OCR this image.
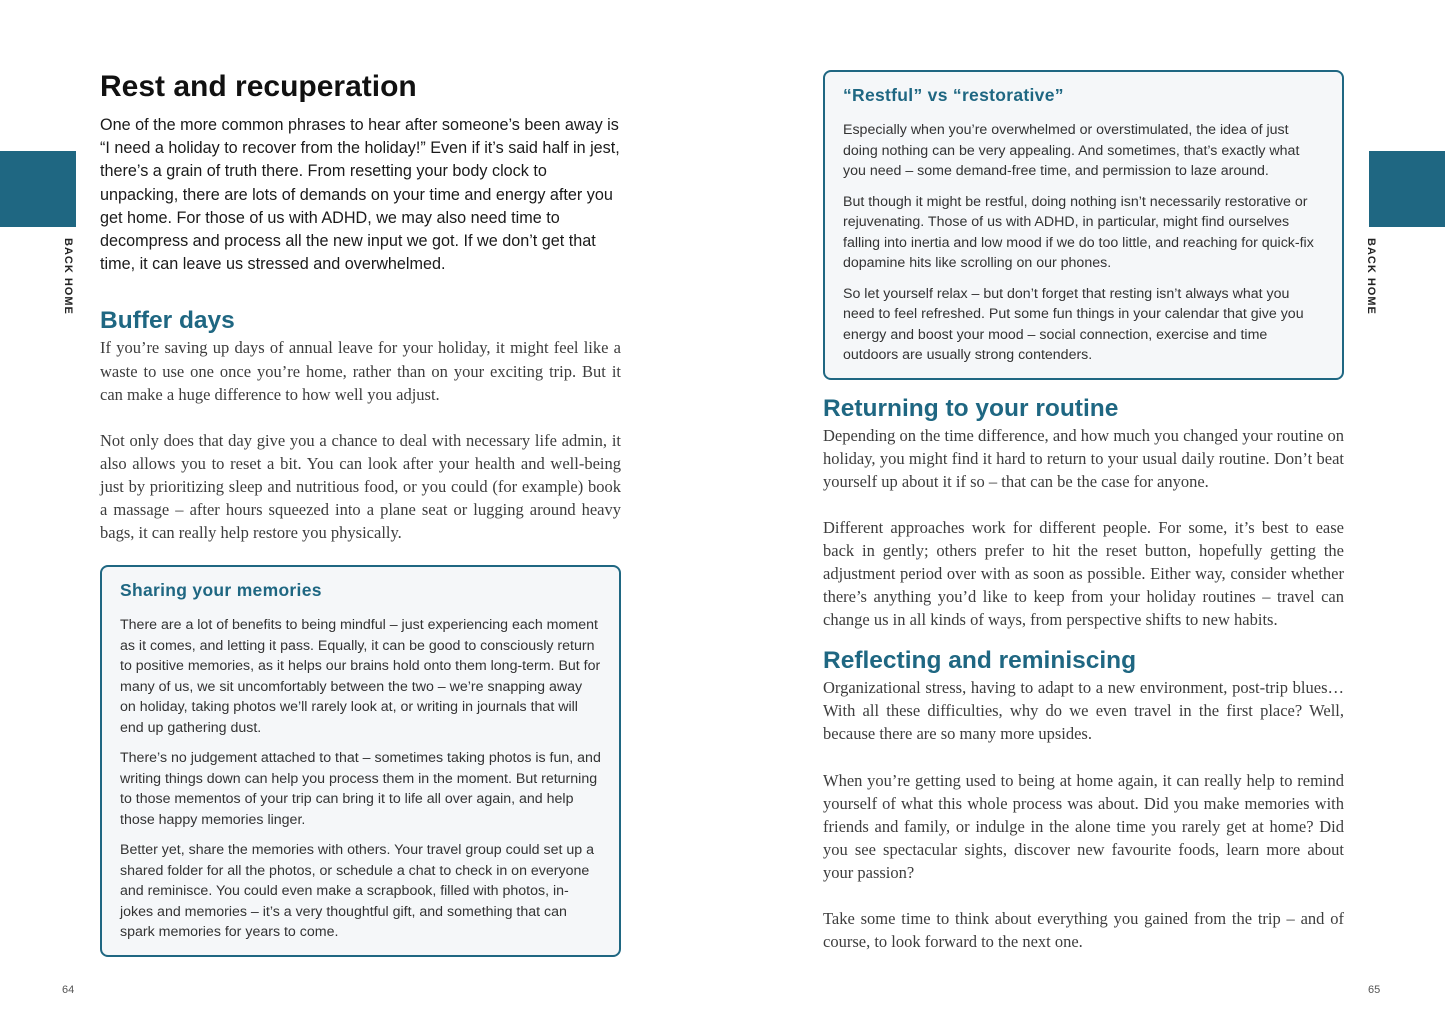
BACK HOME
Rest and recuperation

One of the more common phrases to hear after someone’s been away is “I need a holiday to recover from the holiday!” Even if it’s said half in jest, there’s a grain of truth there. From resetting your body clock to unpacking, there are lots of demands on your time and energy after you get home. For those of us with ADHD, we may also need time to decompress and process all the new input we got. If we don’t get that time, it can leave us stressed and overwhelmed.

Buffer days

If you’re saving up days of annual leave for your holiday, it might feel like a waste to use one once you’re home, rather than on your exciting trip. But it can make a huge difference to how well you adjust.

Not only does that day give you a chance to deal with necessary life admin, it also allows you to reset a bit. You can look after your health and well-being just by prioritizing sleep and nutritious food, or you could (for example) book a massage – after hours squeezed into a plane seat or lugging around heavy bags, it can really help restore you physically.

Sharing your memories

There are a lot of benefits to being mindful – just experiencing each moment as it comes, and letting it pass. Equally, it can be good to consciously return to positive memories, as it helps our brains hold onto them long-term. But for many of us, we sit uncomfortably between the two – we’re snapping away on holiday, taking photos we’ll rarely look at, or writing in journals that will end up gathering dust.

There’s no judgement attached to that – sometimes taking photos is fun, and writing things down can help you process them in the moment. But returning to those mementos of your trip can bring it to life all over again, and help those happy memories linger.

Better yet, share the memories with others. Your travel group could set up a shared folder for all the photos, or schedule a chat to check in on everyone and reminisce. You could even make a scrapbook, filled with photos, in-jokes and memories – it’s a very thoughtful gift, and something that can spark memories for years to come.

64
BACK HOME
“Restful” vs “restorative”

Especially when you’re overwhelmed or overstimulated, the idea of just doing nothing can be very appealing. And sometimes, that’s exactly what you need – some demand-free time, and permission to laze around.

But though it might be restful, doing nothing isn’t necessarily restorative or rejuvenating. Those of us with ADHD, in particular, might find ourselves falling into inertia and low mood if we do too little, and reaching for quick-fix dopamine hits like scrolling on our phones.

So let yourself relax – but don’t forget that resting isn’t always what you need to feel refreshed. Put some fun things in your calendar that give you energy and boost your mood – social connection, exercise and time outdoors are usually strong contenders.

Returning to your routine

Depending on the time difference, and how much you changed your routine on holiday, you might find it hard to return to your usual daily routine. Don’t beat yourself up about it if so – that can be the case for anyone.

Different approaches work for different people. For some, it’s best to ease back in gently; others prefer to hit the reset button, hopefully getting the adjustment period over with as soon as possible. Either way, consider whether there’s anything you’d like to keep from your holiday routines – travel can change us in all kinds of ways, from perspective shifts to new habits.

Reflecting and reminiscing

Organizational stress, having to adapt to a new environment, post-trip blues… With all these difficulties, why do we even travel in the first place? Well, because there are so many more upsides.

When you’re getting used to being at home again, it can really help to remind yourself of what this whole process was about. Did you make memories with friends and family, or indulge in the alone time you rarely get at home? Did you see spectacular sights, discover new favourite foods, learn more about your passion?

Take some time to think about everything you gained from the trip – and of course, to look forward to the next one.

65
